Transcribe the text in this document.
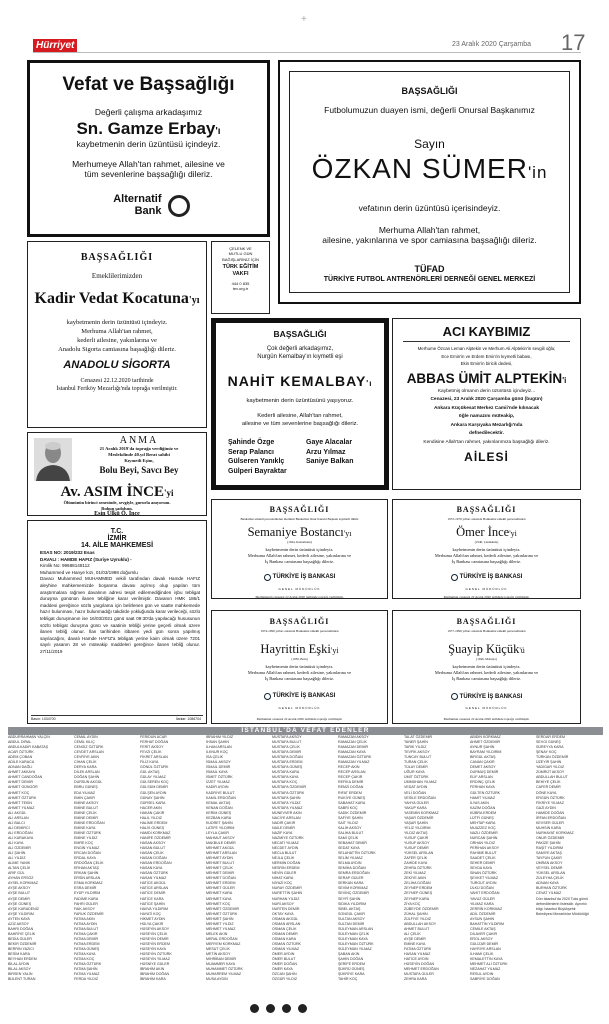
Hürriyet	23 Aralık 2020 Çarşamba 17
+
Vefat ve Başsağlığı
Değerli çalışma arkadaşımız
Sn. Gamze Erbay'ı
kaybetmenin derin üzüntüsü içindeyiz.
Merhumeye Allah'tan rahmet, ailesine ve
tüm sevenlerine başsağlığı dileriz.
Alternatif
Bank
BAŞSAĞLIĞI
Futbolumuzun duayen ismi, değerli Onursal Başkanımız
Sayın
ÖZKAN SÜMER'in
vefatının derin üzüntüsü içerisindeyiz.
Merhuma Allah'tan rahmet,
ailesine, yakınlarına ve spor camiasına başsağlığı dileriz.
TÜFAD
TÜRKİYE FUTBOL ANTRENÖRLERİ DERNEĞİ GENEL MERKEZİ
BAŞSAĞLIĞI
Emeklilerimizden
Kadir Vedat Kocatuna'yı
kaybetmenin derin üzüntüsü içindeyiz.
Merhuma Allah'tan rahmet,
kederli ailesine, yakınlarına ve
Anadolu Sigorta camiasına başsağlığı dileriz.
ANADOLU SİGORTA
Cenazesi 22.12.2020 tarihinde
İstanbul Feriköy Mezarlığı'nda toprağa verilmiştir.
ÇELENK VE
MUTLU GÜN
BAĞIŞLARINIZ İÇİN
TÜRK EĞİTİM
VAKFI
444 0 835
tev.org.tr
BAŞSAĞLIĞI
Çok değerli arkadaşımız,
Nurgün Kemalbay'ın kıymetli eşi
NAHİT KEMALBAY'ı
kaybetmenin derin üzüntüsünü yaşıyoruz.
Kederli ailesine, Allah'tan rahmet,
ailesine ve tüm sevenlerine başsağlığı dileriz.
Şahinde Özge
Serap Palancı
Gülseren Yanıklç
Gülperi Bayraktar
Gaye Alacalar
Arzu Yılmaz
Saniye Balkan
ACI KAYBIMIZ
Merhume Özcan Leman Alptekin ve Merhum Ali Alptekin'in sevgili oğlu;
Ece Emin'in ve Erdem Emin'in kıymetli babası,
Ekin Emin'in biricik dedesi,
ABBAS ÜMİT ALPTEKİN'i
Kaybetmiş olmanın derin üzüntüsü içindeyiz...
Cenazesi, 23 Aralık 2020 Çarşamba günü (bugün)
Ankara Küçükesat Merkez Camii'nde kılınacak
öğle namazını müteakip,
Ankara Karşıyaka Mezarlığı'nda
defnedilecektir.
Kendisine Allah'tan rahmet, yakınlarımıza başsağlığı dileriz.
AİLESİ
ANMA
21 Aralık 2019'da toprağa verdiğimiz ve
Meslekdinde 40.yıl Berat sahibi
Kıymetli Eşim,
Bolu Beyi, Savcı Bey
Av. ASIM İNCE'yi
Ölümünün birinci senesinde, sevgiyle, gururla anıyorum.
Ruhun şadolsun.
Eşin Ülkü Ö. İnce
T.C.
İZMİR
14. AİLE MAHKEMESİ
ESAS NO: 2019/232 Esas
DAVALI : HAMDE HAFIZ (Suriye Uyruklu) -
Kimlik No: 99688148112
Muhammed ve Hanye kızı, 01/03/1998 doğumlu
Davacı Muhammed MUHAMMED vekili tarafından davalı Hamde HAFIZ aleyhine mahkememizde boşanma davası açılmış olup yapılan tüm araştırmalara rağmen davalının adresi tespit edilemediğinden işbu tebligat duruşma gününün ilanen tebliğine karar verilmiştir. Davanın HMK 186/1 maddesi gereğince sözlü yargılama için belirlenen gün ve saatte mahkemede hazır bulunması, hazır bulunmadığı takdirde yokluğunda karar verileceği, sözlü tebligat duruşmanın ise 16/03/2021 günü saat 09:30'da yapılacağı hususunun sözlü tebligat duruşma günü ve saatinin tebliği yerine geçerli olmak üzere ilanen tebliğ olunur. İlan tarihinden itibaren yedi gün sonra yapılmış sayılacağını, davalı Hamde HAFIZ'a tebligatı yerine kaim olmak üzere 7201 sayılı yasanın 28 ve müteakip maddeleri gereğince ilanen tebliğ olunur. 27/11/2019
Basın: 1034700	İlanlar: 1086704
BAŞSAĞLIĞI
Bankamız emekli personelinden merhum Bankamız Onur Kurulu Başkanı kıymetli ilimiz
Semaniye Bostancı'yı
(1944, Kastamonu)
kaybetmenin derin üzüntüsü içindeyiz.
Merhuma Allah'tan rahmet, kederli ailesine, yakınlarına ve
İş Bankası camiasına başsağlığı dileriz.
TÜRKİYE İŞ BANKASI
GENEL MÜDÜRLÜK
Merhumenin cenazesi 22 Aralık 2020 tarihinde toprağa verilmiştir.
BAŞSAĞLIĞI
1972-1976 yılları arasında Bankamız emekli personelinden
Ömer İnce'yi
(1940, Çanakkale)
kaybetmenin derin üzüntüsü içindeyiz.
Merhuma Allah'tan rahmet, kederli ailesine, yakınlarına ve
İş Bankası camiasına başsağlığı dileriz.
TÜRKİYE İŞ BANKASI
GENEL MÜDÜRLÜK
Merhumun cenazesi 22 Aralık 2020 tarihinde toprağa verilmiştir.
BAŞSAĞLIĞI
1974-1996 yılları arasında Bankamız emekli personelinden
Hayrittin Eşki'yi
(1939, Bolu)
kaybetmenin derin üzüntüsü içindeyiz.
Merhuma Allah'tan rahmet, kederli ailesine, yakınlarına ve
İş Bankası camiasına başsağlığı dileriz.
TÜRKİYE İŞ BANKASI
GENEL MÜDÜRLÜK
Merhumun cenazesi 22 Aralık 2020 tarihinde toprağa verilmiştir.
BAŞSAĞLIĞI
1977-1996 yılları arasında Bankamız emekli personelinden
Şuayip Küçük'ü
(1946, Malatya)
kaybetmenin derin üzüntüsü içindeyiz.
Merhuma Allah'tan rahmet, kederli ailesine, yakınlarına ve
İş Bankası camiasına başsağlığı dileriz.
TÜRKİYE İŞ BANKASI
GENEL MÜDÜRLÜK
Merhumun cenazesi 22 Aralık 2020 tarihinde toprağa verilmiştir.
İSTANBUL'DA VEFAT EDENLER
ABDURRAHMAN YALÇIN
ABDUL DİRAL
ABDULKADİR KABATAŞ
ACAR ÖZTÜRK
ADEM ÇOBAN
ADİLE KARACA
ADNAN DAĞLI
AHMET AKKAYA
AHMET CANDOĞAN
AHMET DEMİR
AHMET GÜNGÖR
AHMET KOÇ
AHMET ÖZTÜRK
AHMET TEKİN
AHMET YILMAZ
ALİ AKGÜL
ALİ ARSLAN
ALİ BALCI
ALİ DEMİRCİ
ALİ ERDOĞAN
ALİ KARAKAYA
ALİ KAYA
ALİ ÖZDEMİR
ALİ ŞAHİN
ALİ YILDIZ
ALİME YANIK
ALTAN ÇELİK
ARİF GÜL
AYHAN ERSÖZ
AYSEL KORKMAZ
AYŞE AKSOY
AYŞE BULUT
AYŞE DEMİR
AYŞE GÜNEŞ
AYŞE KARADENİZ
AYŞE YILDIRIM
AYTEN KAYA
AZİZ AKSOY
BAHRİ DOĞAN
BAHRİYE ÇELİK
BEDİA GÜLER
BEKİR ÖZDEMİR
BERRİN YAZICI
BESİM KARA
BEYHAN ERDEM
BİLAL AYDIN
BİLAL AKSOY
BİRSEN YALIN
BÜLENT TURAN
CEMAL AYDIN
CEMİL KILIÇ
CENGİZ ÖZTÜRK
CEVDET ARSLAN
CEVRİYE AKIN
CİHAN ÇELİK
DERYA KARA
DİLEK ARSLAN
DOĞAN ŞAHİN
DURSUN AKGÜL
EBRU GÜNEŞ
EDA YILMAZ
EMİN ÇAKIR
EMİNE AKSOY
EMİNE BULUT
EMİNE ÇELİK
EMİNE DEMİR
EMİNE ERDOĞAN
EMİNE KAYA
EMİNE ÖZTÜRK
EMİNE YILDIZ
EMRE KOÇ
ENGİN YILMAZ
ERCAN DOĞAN
ERDAL KAYA
ERDOĞAN ÇELİK
ERHAN AKTAŞ
ERKAN ŞAHİN
ERSİN ARSLAN
ESMA KORKMAZ
ESRA DEMİR
EYÜP YILDIRIM
FADİME KARA
FAHRİ GÜLER
FAİK AKSOY
FARUK ÖZDEMİR
FATMA AKIN
FATMA AYDIN
FATMA BULUT
FATMA ÇAKIR
FATMA DEMİR
FATMA ERDEM
FATMA GÜNEŞ
FATMA KAYA
FATMA KOÇ
FATMA ÖZTÜRK
FATMA ŞAHİN
FATMA YILMAZ
FERDA YILDIZ
FERİDUN ACAR
FERHAT DOĞAN
FERİT AKSOY
FEVZİ ÇELİK
FİKRET ARSLAN
FİLİZ KAYA
GÖNÜL ÖZTÜRK
GÜL AKTAŞ
GÜLAY YILMAZ
GÜLSEREN KOÇ
GÜLSÜM DEMİR
GÜLŞEN AYDIN
GÜNAY ŞAHİN
GÜRSEL KARA
HACER AKIN
HAKAN ÇAKIR
HALİL YILDIZ
HALİME ERDEM
HALİS GÜNEŞ
HAMDİ KORKMAZ
HANİFE ÖZDEMİR
HASAN AKSOY
HASAN BULUT
HASAN ÇELİK
HASAN DOĞAN
HASAN ERDOĞAN
HASAN KAYA
HASAN ÖZTÜRK
HASAN YILMAZ
HATİCE AKGÜL
HATİCE ARSLAN
HATİCE DEMİR
HATİCE KARA
HATİCE ŞAHİN
HAVVA YILDIRIM
HAYATİ KOÇ
HİKMET AYDIN
HÜLYA ÇAKIR
HÜSEYİN AKSOY
HÜSEYİN ÇELİK
HÜSEYİN DEMİR
HÜSEYİN ERDEM
HÜSEYİN KAYA
HÜSEYİN ÖZTÜRK
HÜSEYİN YILMAZ
HÜSNİYE GÜLER
İBRAHİM AKIN
İBRAHİM DOĞAN
İBRAHİM KARA
İBRAHİM YILDIZ
İHSAN ŞAHİN
İLHAN ARSLAN
İLKNUR KOÇ
İSA ÇELİK
İSMAİL AKSOY
İSMAİL DEMİR
İSMAİL KAYA
İSMET ÖZTÜRK
İZZET YILMAZ
KADİR AYDIN
KADRİYE BULUT
KAMİL ERDOĞAN
KEMAL AKTAŞ
KENAN DOĞAN
KERİM GÜNEŞ
KEZBAN KARA
KUDRET ŞAHİN
LATİFE YILDIRIM
LEYLA ÇAKIR
MAHMUT AKSOY
MAKBULE DEMİR
MEHMET AKGÜL
MEHMET ARSLAN
MEHMET AYDIN
MEHMET BULUT
MEHMET ÇELİK
MEHMET DEMİR
MEHMET DOĞAN
MEHMET ERDEM
MEHMET GÜLER
MEHMET KARA
MEHMET KAYA
MEHMET KOÇ
MEHMET ÖZDEMİR
MEHMET ÖZTÜRK
MEHMET ŞAHİN
MEHMET YILDIZ
MEHMET YILMAZ
MELEK AKIN
MERAL ERDOĞAN
MERYEM KORKMAZ
MESUT ÇELİK
METİN AKSOY
MİHRİBAN DEMİR
MUAMMER KAYA
MUHAMMET ÖZTÜRK
MUHARREM YILMAZ
MUSA AYDIN
MUSTAFA AKSOY
MUSTAFA BULUT
MUSTAFA ÇELİK
MUSTAFA DEMİR
MUSTAFA DOĞAN
MUSTAFA ERDEM
MUSTAFA GÜNEŞ
MUSTAFA KARA
MUSTAFA KAYA
MUSTAFA KOÇ
MUSTAFA ÖZDEMİR
MUSTAFA ÖZTÜRK
MUSTAFA ŞAHİN
MUSTAFA YILDIZ
MUSTAFA YILMAZ
MÜNEVVER AKIN
NACİYE ARSLAN
NADİR ÇAKIR
NAİLE DEMİR
NAZİF KAYA
NAZMİYE ÖZTÜRK
NECATİ YILMAZ
NECDET AYDIN
NECLA BULUT
NEJLA ÇELİK
NERMİN DOĞAN
NESRİN ERDEM
NEVİN GÜLER
NİHAT KARA
NİYAZİ KOÇ
NURAY ÖZDEMİR
NURETTİN ŞAHİN
NURHAN YILDIZ
NURİ AKSOY
NURTEN DEMİR
OKTAY KAYA
OSMAN AKGÜL
OSMAN ARSLAN
OSMAN ÇELİK
OSMAN DEMİR
OSMAN KARA
OSMAN ÖZTÜRK
OSMAN YILMAZ
ÖMER AYDIN
ÖMER BULUT
ÖMER DOĞAN
ÖMER KAYA
ÖZCAN ŞAHİN
ÖZGÜR YILDIZ
RAMAZAN AKSOY
RAMAZAN ÇELİK
RAMAZAN DEMİR
RAMAZAN KAYA
RAMAZAN ÖZTÜRK
RAMAZAN YILMAZ
RECEP AKIN
RECEP ARSLAN
RECEP ÇAKIR
REFİKA DEMİR
REMZİ DOĞAN
RIFAT ERDEM
RUKİYE GÜNEŞ
SABAHAT KARA
SABRİ KOÇ
SADIK ÖZDEMİR
SAFİYE ŞAHİN
SAİT YILDIZ
SALİH AKSOY
SALİHA BULUT
SAMİ ÇELİK
SEBAHAT DEMİR
SEDAT KAYA
SELAHATTİN ÖZTÜRK
SELİM YILMAZ
SELMA AYDIN
SEMİHA DOĞAN
SEMRA ERDOĞAN
SERAP GÜLER
SERKAN KARA
SEVİM KORKMAZ
SEVİNÇ ÖZDEMİR
SEYFİ ŞAHİN
SIDIKA YILDIRIM
SİBEL AKTAŞ
SONGÜL ÇAKIR
SULTAN AKSOY
SULTAN DEMİR
SÜLEYMAN ARSLAN
SÜLEYMAN ÇELİK
SÜLEYMAN KAYA
SÜLEYMAN ÖZTÜRK
SÜLEYMAN YILMAZ
ŞABAN AKIN
ŞAHİN DOĞAN
ŞERİFE ERDEM
ŞÜKRÜ GÜNEŞ
ŞÜKRİYE KARA
TAHİR KOÇ
TALAT ÖZDEMİR
TANER ŞAHİN
TARIK YILDIZ
TEVFİK AKSOY
TUNCAY BULUT
TURAN ÇELİK
TÜLAY DEMİR
UĞUR KAYA
ÜMİT ÖZTÜRK
ÜMMÜHAN YILMAZ
VEDAT AYDIN
VELİ DOĞAN
VESİLE ERDOĞAN
YAHYA GÜLER
YAKUP KARA
YASEMİN KORKMAZ
YAŞAR ÖZDEMİR
YAŞAR ŞAHİN
YELİZ YILDIRIM
YILDIZ AKTAŞ
YUSUF ÇAKIR
YUSUF AKSOY
YUSUF DEMİR
YÜKSEL ARSLAN
ZAFER ÇELİK
ZAHİDE KAYA
ZEHRA ÖZTÜRK
ZEKİ YILMAZ
ZEKİYE AKIN
ZELİHA DOĞAN
ZEYNEP ERDEM
ZEYNEP GÜNEŞ
ZEYNEP KARA
ZİYA KOÇ
ZÜBEYDE ÖZDEMİR
ZÜHAL ŞAHİN
ZÜLFİYE YILDIZ
ABDULLAH AKSOY
AHMET BULUT
ALİ ÇELİK
AYŞE DEMİR
EMİNE KAYA
FATMA ÖZTÜRK
HASAN YILMAZ
HATİCE AYDIN
HÜSEYİN DOĞAN
MEHMET ERDOĞAN
MUSTAFA GÜLER
ZEHRA KARA
ABİDİN KORKMAZ
AHMET ÖZDEMİR
AYNUR ŞAHİN
BAYRAM YILDIRIM
BİRGÜL AKTAŞ
CANAN ÇAKIR
DEMET AKSOY
DURMUŞ DEMİR
ELİF ARSLAN
ERDİNÇ ÇELİK
FERHAN KAYA
GÜLTEN ÖZTÜRK
HAMİT YILMAZ
İLYAS AKIN
KAZIM DOĞAN
KÜBRA ERDEM
LÜTFİ GÜNEŞ
MEHTAP KARA
MUAZZEZ KOÇ
NAZLI ÖZDEMİR
NURCAN ŞAHİN
ORHAN YILDIZ
PERİHAN AKSOY
RAHİME BULUT
SAADET ÇELİK
SEHER DEMİR
SEVDA KAYA
SİNAN ÖZTÜRK
ŞEVKET YILMAZ
TURGUT AYDIN
ÜLKÜ DOĞAN
VAHİT ERDOĞAN
YAVUZ GÜLER
YILMAZ KARA
ZERRİN KORKMAZ
ADİL ÖZDEMİR
AYSUN ŞAHİN
BAHATTİN YILDIRIM
CEMİLE AKTAŞ
DİLAVER ÇAKIR
EROL AKSOY
GÜLİZAR DEMİR
HAYRİYE ARSLAN
İLHAMİ ÇELİK
KEMALETTİN KAYA
MEHMET ALİ ÖZTÜRK
NEZAHAT YILMAZ
RESUL AYDIN
SABRİYE DOĞAN
SERDAR ERDEM
SEVGİ GÜNEŞ
SÜREYYA KARA
ŞENAY KOÇ
TÜRKAN ÖZDEMİR
ÜZEYİR ŞAHİN
YADİGAR YILDIZ
ZÜMRÜT AKSOY
ABDULLAH BULUT
BEHİYE ÇELİK
CAFER DEMİR
DÖNE KAYA
ERGÜN ÖZTÜRK
FİKRİYE YILMAZ
GAZİ AYDIN
HAMİDE DOĞAN
İRFAN ERDOĞAN
KEVSER GÜLER
MUHSİN KARA
NURHAYAT KORKMAZ
ONUR ÖZDEMİR
PAKİZE ŞAHİN
RAŞİT YILDIRIM
SAMİYE AKTAŞ
TAYFUN ÇAKIR
ÜMRAN AKSOY
VEYSEL DEMİR
YÜKSEL ARSLAN
ZÜLEYHA ÇELİK
ADNAN KAYA
BURHAN ÖZTÜRK
CEVAT YILMAZ
Dün İstanbul'da 2020 Toks gömü
defnedilenlerin listesidir. Ayrıntılı
bilgi: İstanbul Büyükşehir
Belediyesi Mezarlıklar Müdürlüğü
